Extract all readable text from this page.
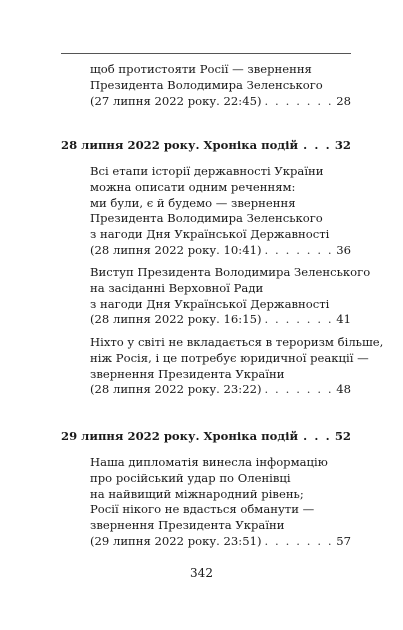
щоб протистояти Росії — звернення
Президента Володимира Зеленського
(27 липня 2022 року. 22:45) . . .	28
28 липня 2022 року. Хроніка подій . . .	32
Всі етапи історії державності України
можна описати одним реченням:
ми були, є й будемо — звернення
Президента Володимира Зеленського
з нагоди Дня Української Державності
(28 липня 2022 року. 10:41) . . .	36
Виступ Президента Володимира Зеленського
на засіданні Верховної Ради
з нагоди Дня Української Державності
(28 липня 2022 року. 16:15) . . .	41
Ніхто у світі не вкладається в тероризм більше,
ніж Росія, і це потребує юридичної реакції —
звернення Президента України
(28 липня 2022 року. 23:22) . . .	48
29 липня 2022 року. Хроніка подій . . .	52
Наша дипломатія винесла інформацію
про російський удар по Оленівці
на найвищий міжнародний рівень;
Росії нікого не вдасться обманути —
звернення Президента України
(29 липня 2022 року. 23:51) . . .	57
342
